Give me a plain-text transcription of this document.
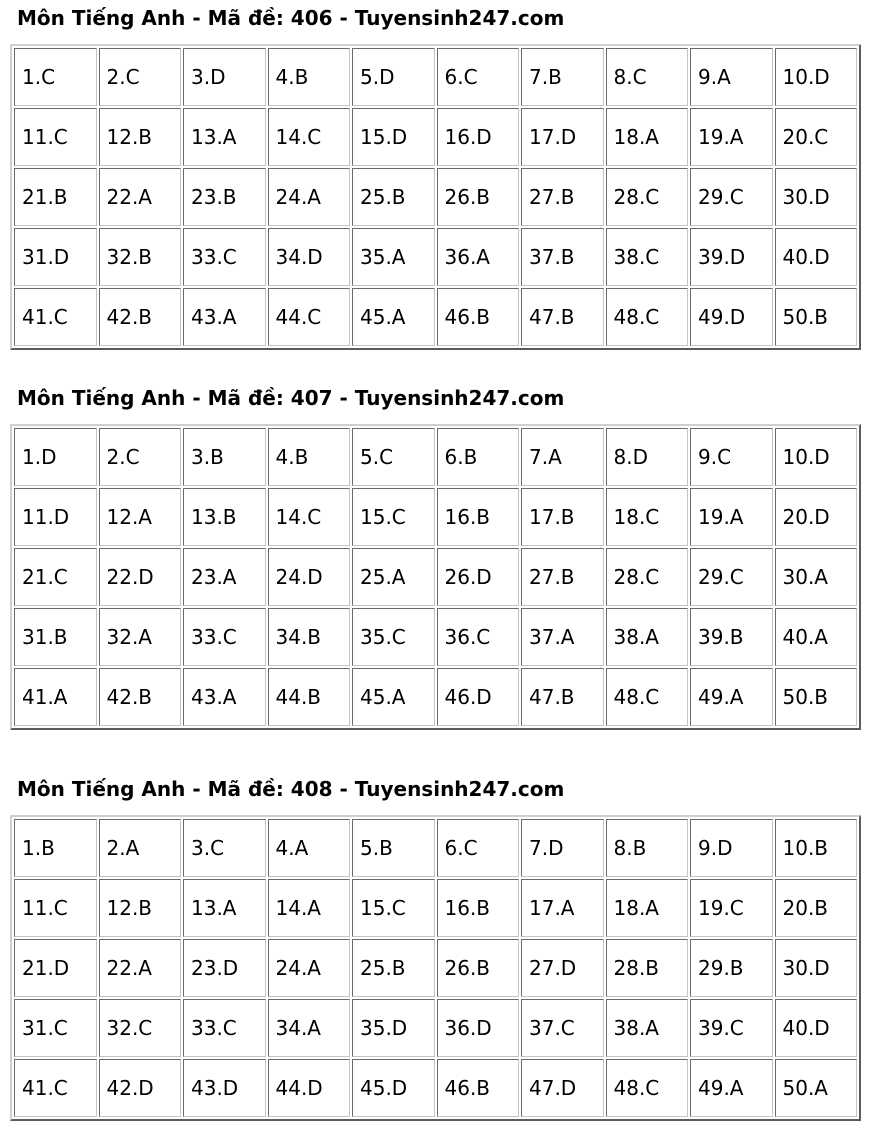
Môn Tiếng Anh - Mã đề: 406 - Tuyensinh247.com
1.C	2.C	3.D	4.B	5.D	6.C	7.B	8.C	9.A	10.D
11.C	12.B	13.A	14.C	15.D	16.D	17.D	18.A	19.A	20.C
21.B	22.A	23.B	24.A	25.B	26.B	27.B	28.C	29.C	30.D
31.D	32.B	33.C	34.D	35.A	36.A	37.B	38.C	39.D	40.D
41.C	42.B	43.A	44.C	45.A	46.B	47.B	48.C	49.D	50.B
Môn Tiếng Anh - Mã đề: 407 - Tuyensinh247.com
1.D	2.C	3.B	4.B	5.C	6.B	7.A	8.D	9.C	10.D
11.D	12.A	13.B	14.C	15.C	16.B	17.B	18.C	19.A	20.D
21.C	22.D	23.A	24.D	25.A	26.D	27.B	28.C	29.C	30.A
31.B	32.A	33.C	34.B	35.C	36.C	37.A	38.A	39.B	40.A
41.A	42.B	43.A	44.B	45.A	46.D	47.B	48.C	49.A	50.B
Môn Tiếng Anh - Mã đề: 408 - Tuyensinh247.com
1.B	2.A	3.C	4.A	5.B	6.C	7.D	8.B	9.D	10.B
11.C	12.B	13.A	14.A	15.C	16.B	17.A	18.A	19.C	20.B
21.D	22.A	23.D	24.A	25.B	26.B	27.D	28.B	29.B	30.D
31.C	32.C	33.C	34.A	35.D	36.D	37.C	38.A	39.C	40.D
41.C	42.D	43.D	44.D	45.D	46.B	47.D	48.C	49.A	50.A
